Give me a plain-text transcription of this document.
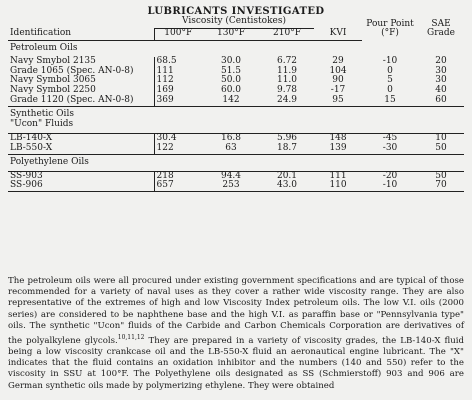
LUBRICANTS INVESTIGATED
	Viscosity (Centistokes)				Pour Point (°F)	SAE Grade
Identification	100°F	130°F	210°F	KVI		
Petroleum Oils						
Navy Smybol 2135	68.5	30.0	6.72	29	-10	20
Grade 1065 (Spec. AN-0-8)	111	51.5	11.9	104	0	30
Navy Symbol 3065	112	50.0	11.0	90	5	30
Navy Symbol 2250	169	60.0	9.78	-17	0	40
Grade 1120 (Spec. AN-0-8)	369	142	24.9	95	15	60

Synthetic Oils
"Ucon" Fluids						

LB-140-X	30.4	16.8	5.96	148	-45	10
LB-550-X	122	63	18.7	139	-30	50
Polyethylene Oils						
SS-903	218	94.4	20.1	111	-20	50
SS-906	657	253	43.0	110	-10	70

The petroleum oils were all procured under existing government specifications and are typical of those recommended for a variety of naval uses as they cover a rather wide viscosity range. They are also representative of the extremes of high and low Viscosity Index petroleum oils. The low V.I. oils (2000 series) are considered to be naphthene base and the high V.I. as paraffin base or "Pennsylvania type" oils. The synthetic "Ucon" fluids of the Carbide and Carbon Chemicals Corporation are derivatives of the polyalkylene glycols.$^{10,11,12}$ They are prepared in a variety of viscosity grades, the LB-140-X fluid being a low viscosity crankcase oil and the LB-550-X fluid an aeronautical engine lubricant. The "X" indicates that the fluid contains an oxidation inhibitor and the numbers (140 and 550) refer to the viscosity in SSU at 100°F. The Polyethylene oils designated as SS (Schmierstoff) 903 and 906 are German synthetic oils made by polymerizing ethylene. They were obtained
